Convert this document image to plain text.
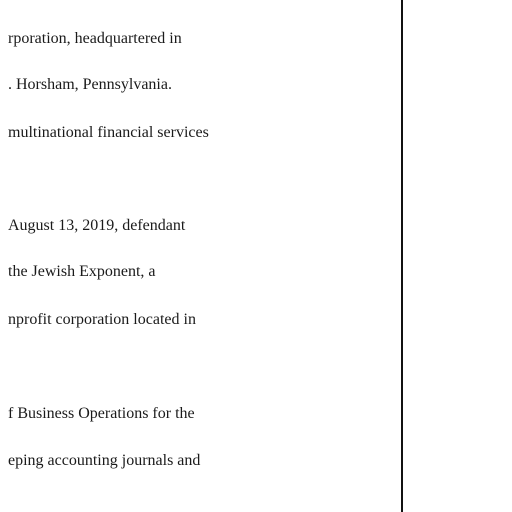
rporation, headquartered in
. Horsham, Pennsylvania.
multinational financial services
August 13, 2019, defendant
the Jewish Exponent, a
nprofit corporation located in
f Business Operations for the
eping accounting journals and
